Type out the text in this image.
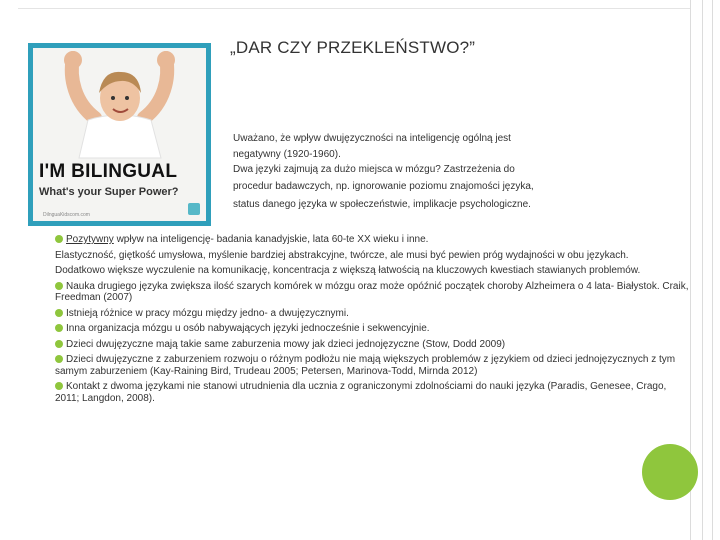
„DAR CZY PRZEKLEŃSTWO?”
I'M BILINGUAL
What's your Super Power?
DilnguaKidscom.com
Uważano, że wpływ dwujęzyczności na inteligencję ogólną jest
negatywny (1920-1960).
Dwa języki zajmują za dużo miejsca w mózgu? Zastrzeżenia do
procedur badawczych, np. ignorowanie poziomu znajomości języka,
status danego języka w społeczeństwie, implikacje psychologiczne.
Pozytywny wpływ na inteligencję- badania kanadyjskie, lata 60-te XX wieku i inne.
Elastyczność, giętkość umysłowa, myślenie bardziej abstrakcyjne, twórcze, ale musi być pewien próg wydajności w obu językach.
Dodatkowo większe wyczulenie na komunikację, koncentracja z większą łatwością na kluczowych kwestiach stawianych problemów.
Nauka drugiego języka zwiększa ilość szarych komórek w mózgu oraz może opóźnić początek choroby Alzheimera o 4 lata- Białystok. Craik, Freedman (2007)
Istnieją różnice w pracy mózgu między jedno- a dwujęzycznymi.
Inna organizacja mózgu u osób nabywających języki jednocześnie i sekwencyjnie.
Dzieci dwujęzyczne mają takie same zaburzenia mowy jak dzieci jednojęzyczne (Stow, Dodd 2009)
Dzieci dwujęzyczne z zaburzeniem rozwoju o różnym podłożu nie mają większych problemów z językiem od dzieci jednojęzycznych z tym samym zaburzeniem (Kay-Raining Bird, Trudeau 2005; Petersen, Marinova-Todd, Mirnda 2012)
Kontakt z dwoma językami nie stanowi utrudnienia dla ucznia z ograniczonymi zdolnościami do nauki języka (Paradis, Genesee, Crago, 2011; Langdon, 2008).
